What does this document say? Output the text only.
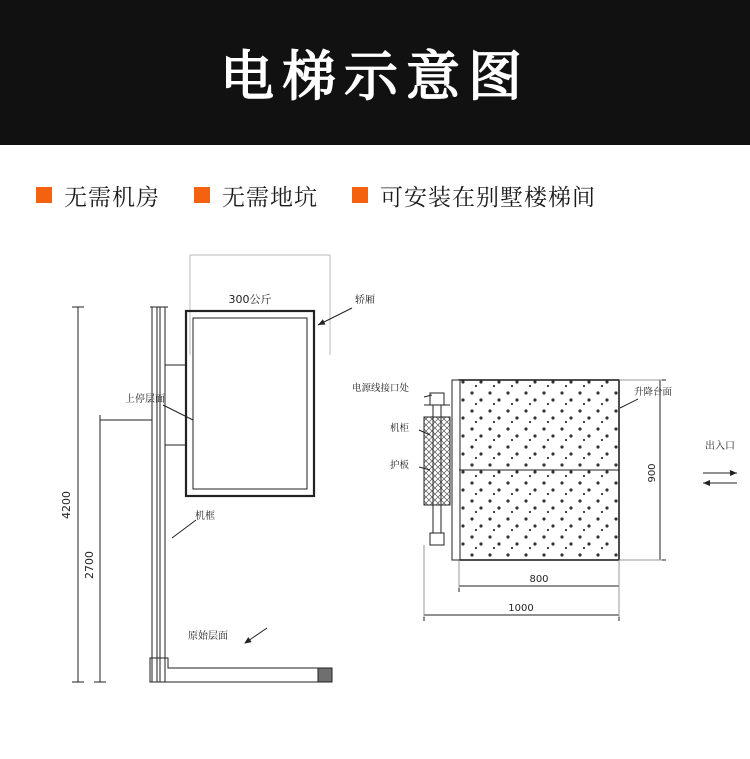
电梯示意图
无需机房	无需地坑	可安装在别墅楼梯间
4200
2700
300公斤	轿厢
上停层面
机框
原始层面
电源线接口处
机柜
护板
升降台面
900
800
1000
出入口
